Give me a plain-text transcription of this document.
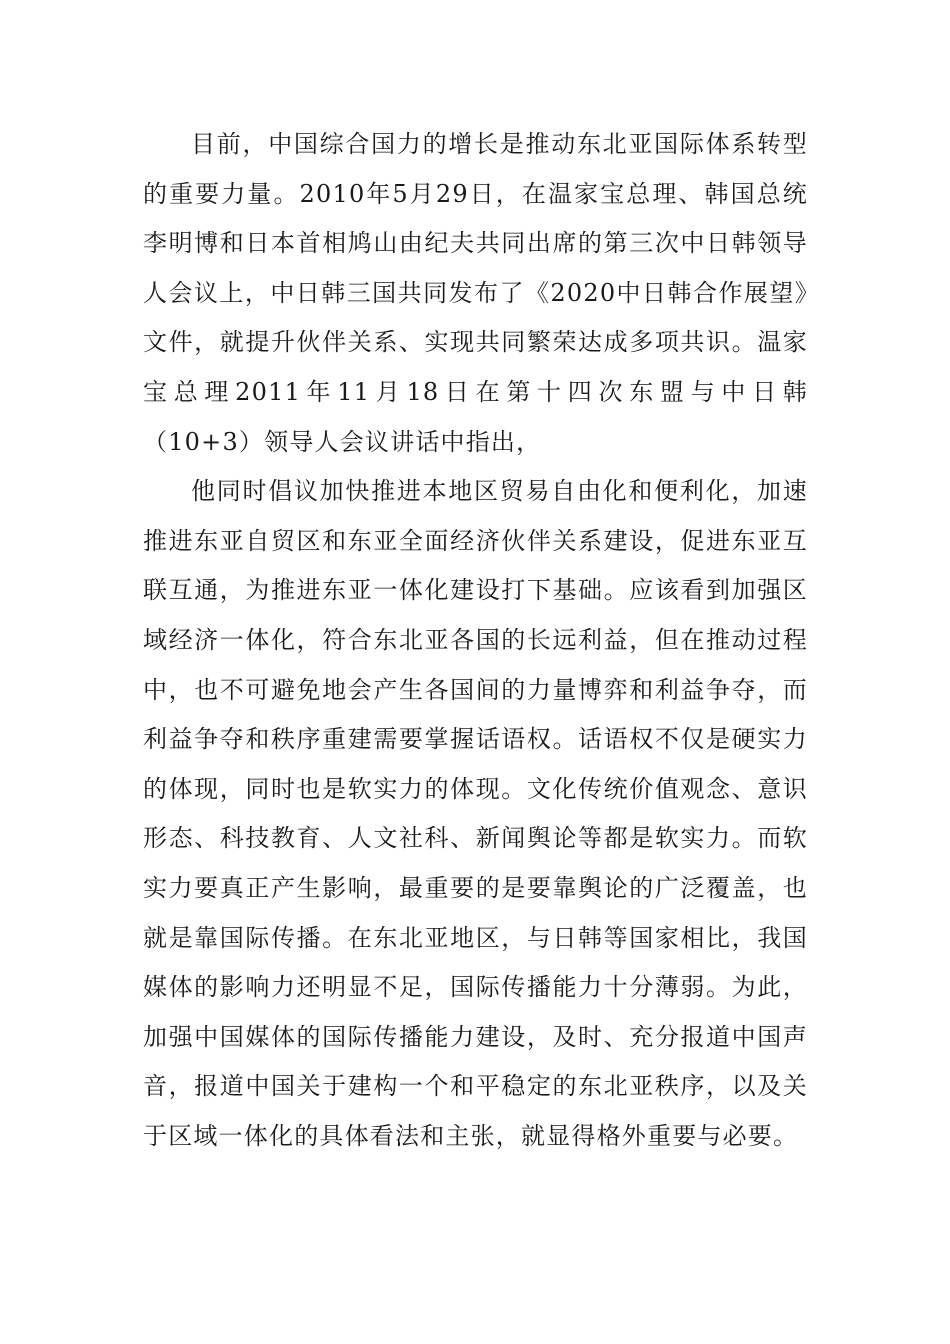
目前，中国综合国力的增长是推动东北亚国际体系转型的重要力量。2010年5月29日，在温家宝总理、韩国总统李明博和日本首相鸠山由纪夫共同出席的第三次中日韩领导人会议上，中日韩三国共同发布了《2020中日韩合作展望》文件，就提升伙伴关系、实现共同繁荣达成多项共识。温家宝总理2011年11月18日在第十四次东盟与中日韩（10+3）领导人会议讲话中指出，

他同时倡议加快推进本地区贸易自由化和便利化，加速推进东亚自贸区和东亚全面经济伙伴关系建设，促进东亚互联互通，为推进东亚一体化建设打下基础。应该看到加强区域经济一体化，符合东北亚各国的长远利益，但在推动过程中，也不可避免地会产生各国间的力量博弈和利益争夺，而利益争夺和秩序重建需要掌握话语权。话语权不仅是硬实力的体现，同时也是软实力的体现。文化传统价值观念、意识形态、科技教育、人文社科、新闻舆论等都是软实力。而软实力要真正产生影响，最重要的是要靠舆论的广泛覆盖，也就是靠国际传播。在东北亚地区，与日韩等国家相比，我国媒体的影响力还明显不足，国际传播能力十分薄弱。为此，加强中国媒体的国际传播能力建设，及时、充分报道中国声音，报道中国关于建构一个和平稳定的东北亚秩序，以及关于区域一体化的具体看法和主张，就显得格外重要与必要。
